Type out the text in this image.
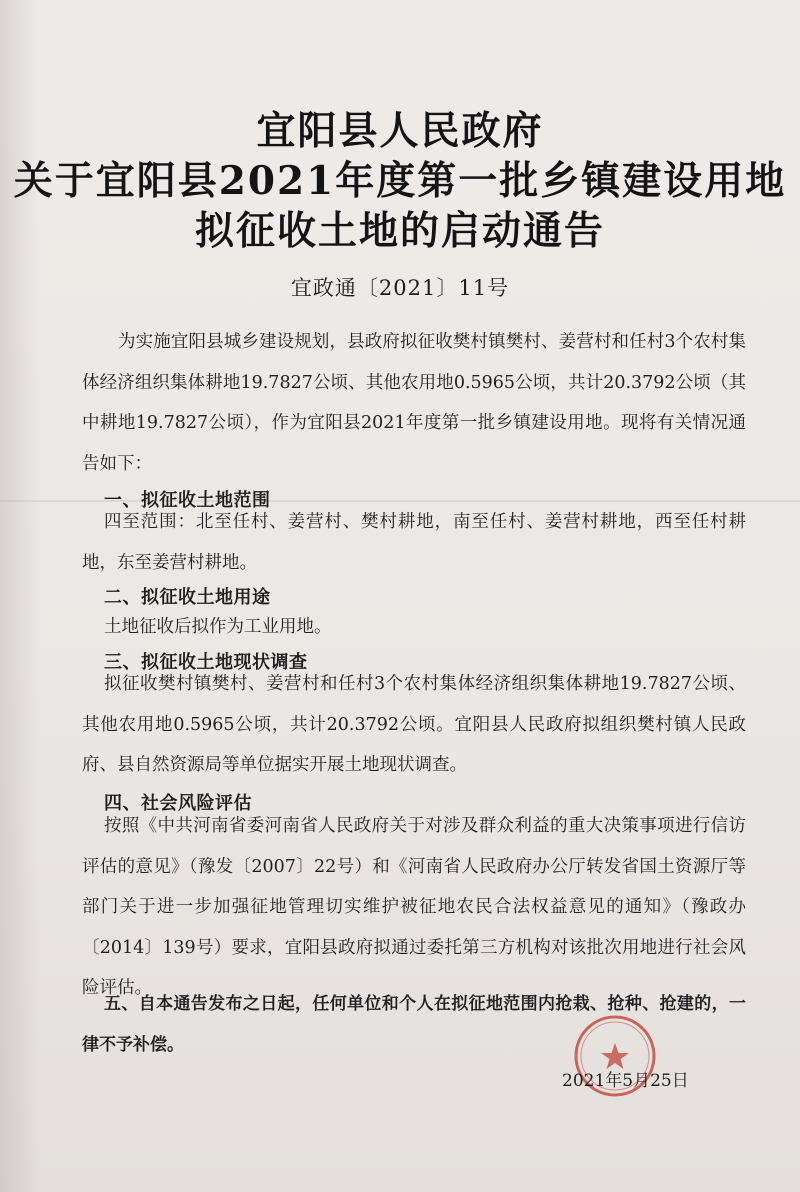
宜阳县人民政府
关于宜阳县2021年度第一批乡镇建设用地
拟征收土地的启动通告
宜政通〔2021〕11号
为实施宜阳县城乡建设规划，县政府拟征收樊村镇樊村、姜营村和任村3个农村集体经济组织集体耕地19.7827公顷、其他农用地0.5965公顷，共计20.3792公顷（其中耕地19.7827公顷），作为宜阳县2021年度第一批乡镇建设用地。现将有关情况通告如下：
一、拟征收土地范围
四至范围：北至任村、姜营村、樊村耕地，南至任村、姜营村耕地，西至任村耕地，东至姜营村耕地。
二、拟征收土地用途
土地征收后拟作为工业用地。
三、拟征收土地现状调查
拟征收樊村镇樊村、姜营村和任村3个农村集体经济组织集体耕地19.7827公顷、其他农用地0.5965公顷，共计20.3792公顷。宜阳县人民政府拟组织樊村镇人民政府、县自然资源局等单位据实开展土地现状调查。
四、社会风险评估
按照《中共河南省委河南省人民政府关于对涉及群众利益的重大决策事项进行信访评估的意见》（豫发〔2007〕22号）和《河南省人民政府办公厅转发省国土资源厅等部门关于进一步加强征地管理切实维护被征地农民合法权益意见的通知》（豫政办〔2014〕139号）要求，宜阳县政府拟通过委托第三方机构对该批次用地进行社会风险评估。
五、自本通告发布之日起，任何单位和个人在拟征地范围内抢栽、抢种、抢建的，一律不予补偿。
2021年5月25日
